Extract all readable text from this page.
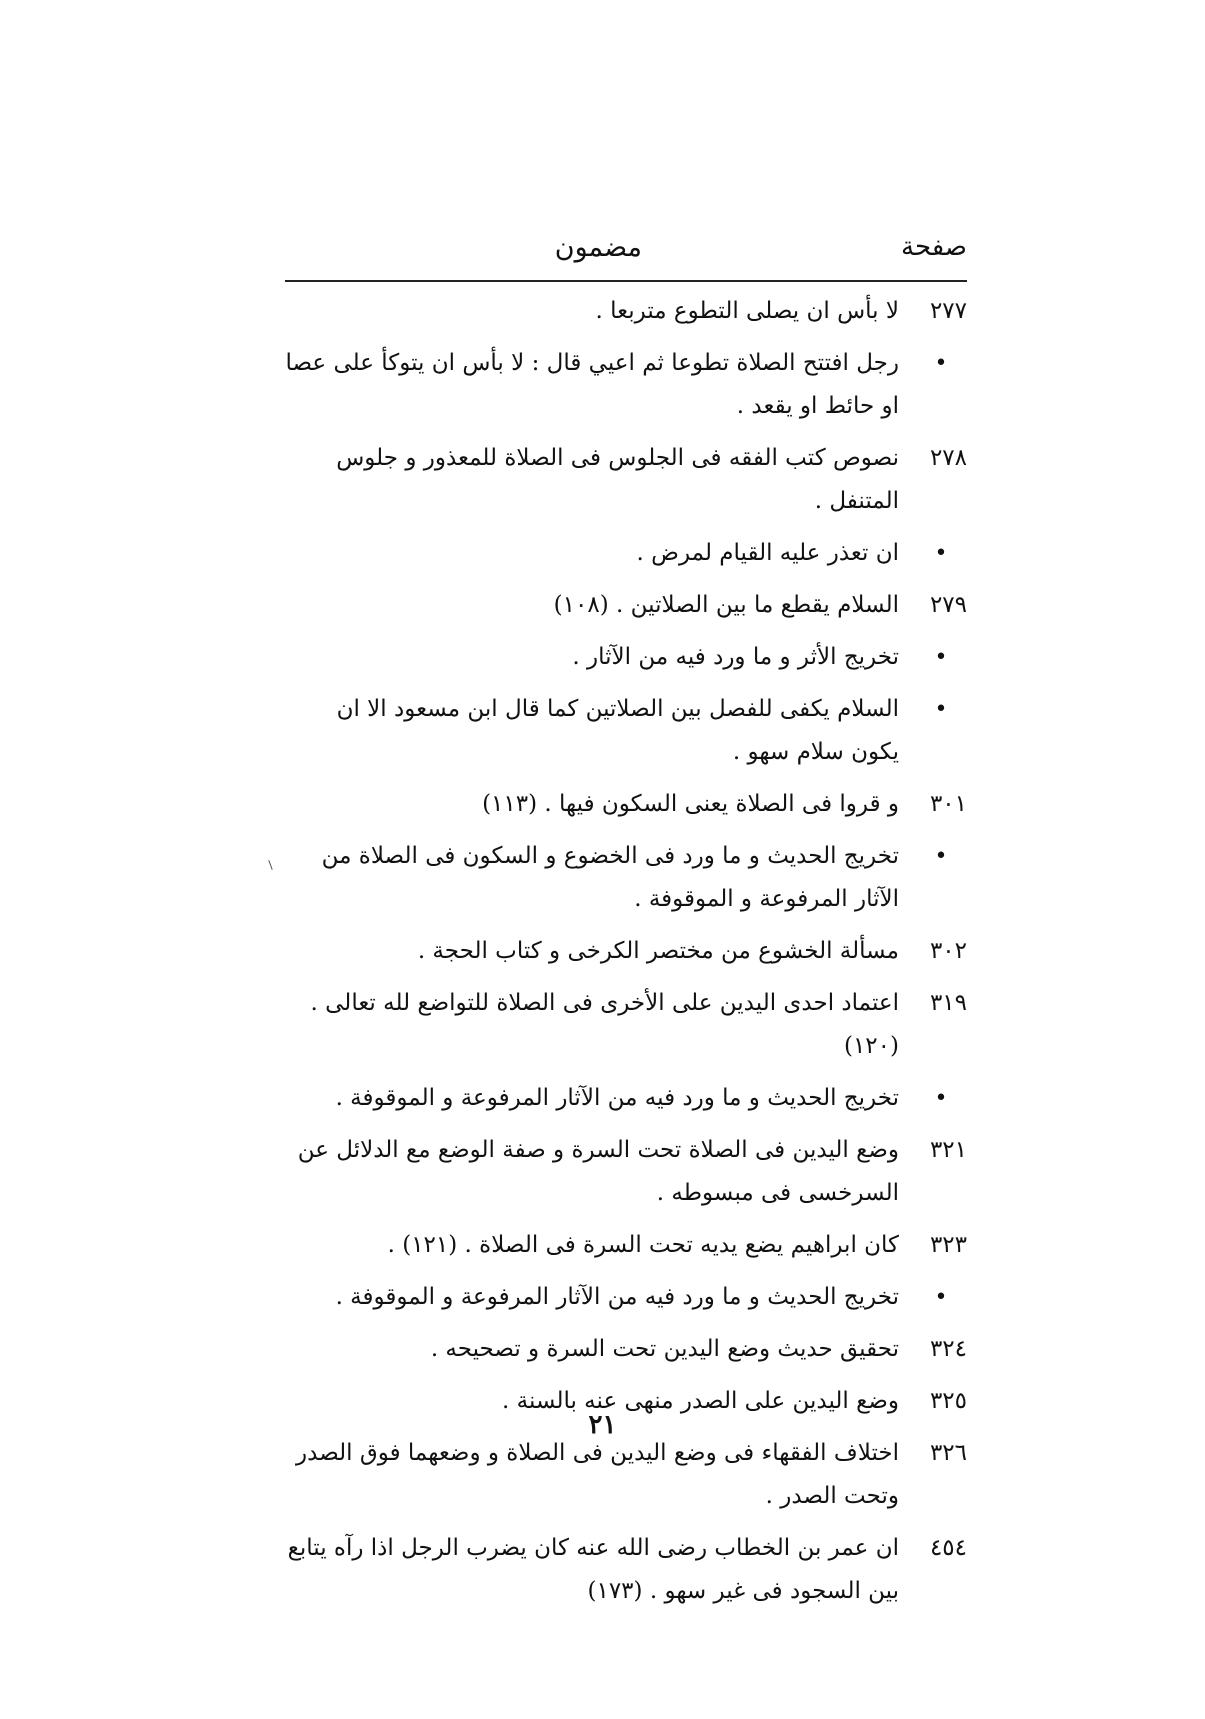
صفحة
مضمون
٢٧٧
لا بأس ان يصلى التطوع متربعا .
•
رجل افتتح الصلاة تطوعا ثم اعيي قال : لا بأس ان يتوكأ على عصا او حائط او يقعد .
٢٧٨
نصوص كتب الفقه فى الجلوس فى الصلاة للمعذور و جلوس المتنفل .
•
ان تعذر عليه القيام لمرض .
٢٧٩
السلام يقطع ما بين الصلاتين . (١٠٨)
•
تخريج الأثر و ما ورد فيه من الآثار .
•
السلام يكفى للفصل بين الصلاتين كما قال ابن مسعود الا ان يكون سلام سهو .
٣٠١
و قروا فى الصلاة يعنى السكون فيها . (١١٣)
•
تخريج الحديث و ما ورد فى الخضوع و السكون فى الصلاة من الآثار المرفوعة و الموقوفة .
٣٠٢
مسألة الخشوع من مختصر الكرخى و كتاب الحجة .
٣١٩
اعتماد احدى اليدين على الأخرى فى الصلاة للتواضع لله تعالى . (١٢٠)
•
تخريج الحديث و ما ورد فيه من الآثار المرفوعة و الموقوفة .
٣٢١
وضع اليدين فى الصلاة تحت السرة و صفة الوضع مع الدلائل عن السرخسى فى مبسوطه .
٣٢٣
كان ابراهيم يضع يديه تحت السرة فى الصلاة . (١٢١) .
•
تخريج الحديث و ما ورد فيه من الآثار المرفوعة و الموقوفة .
٣٢٤
تحقيق حديث وضع اليدين تحت السرة و تصحيحه .
٣٢٥
وضع اليدين على الصدر منهى عنه بالسنة .
٣٢٦
اختلاف الفقهاء فى وضع اليدين فى الصلاة و وضعهما فوق الصدر وتحت الصدر .
٤٥٤
ان عمر بن الخطاب رضى الله عنه كان يضرب الرجل اذا رآه يتابع بين السجود فى غير سهو . (١٧٣)
٢١
